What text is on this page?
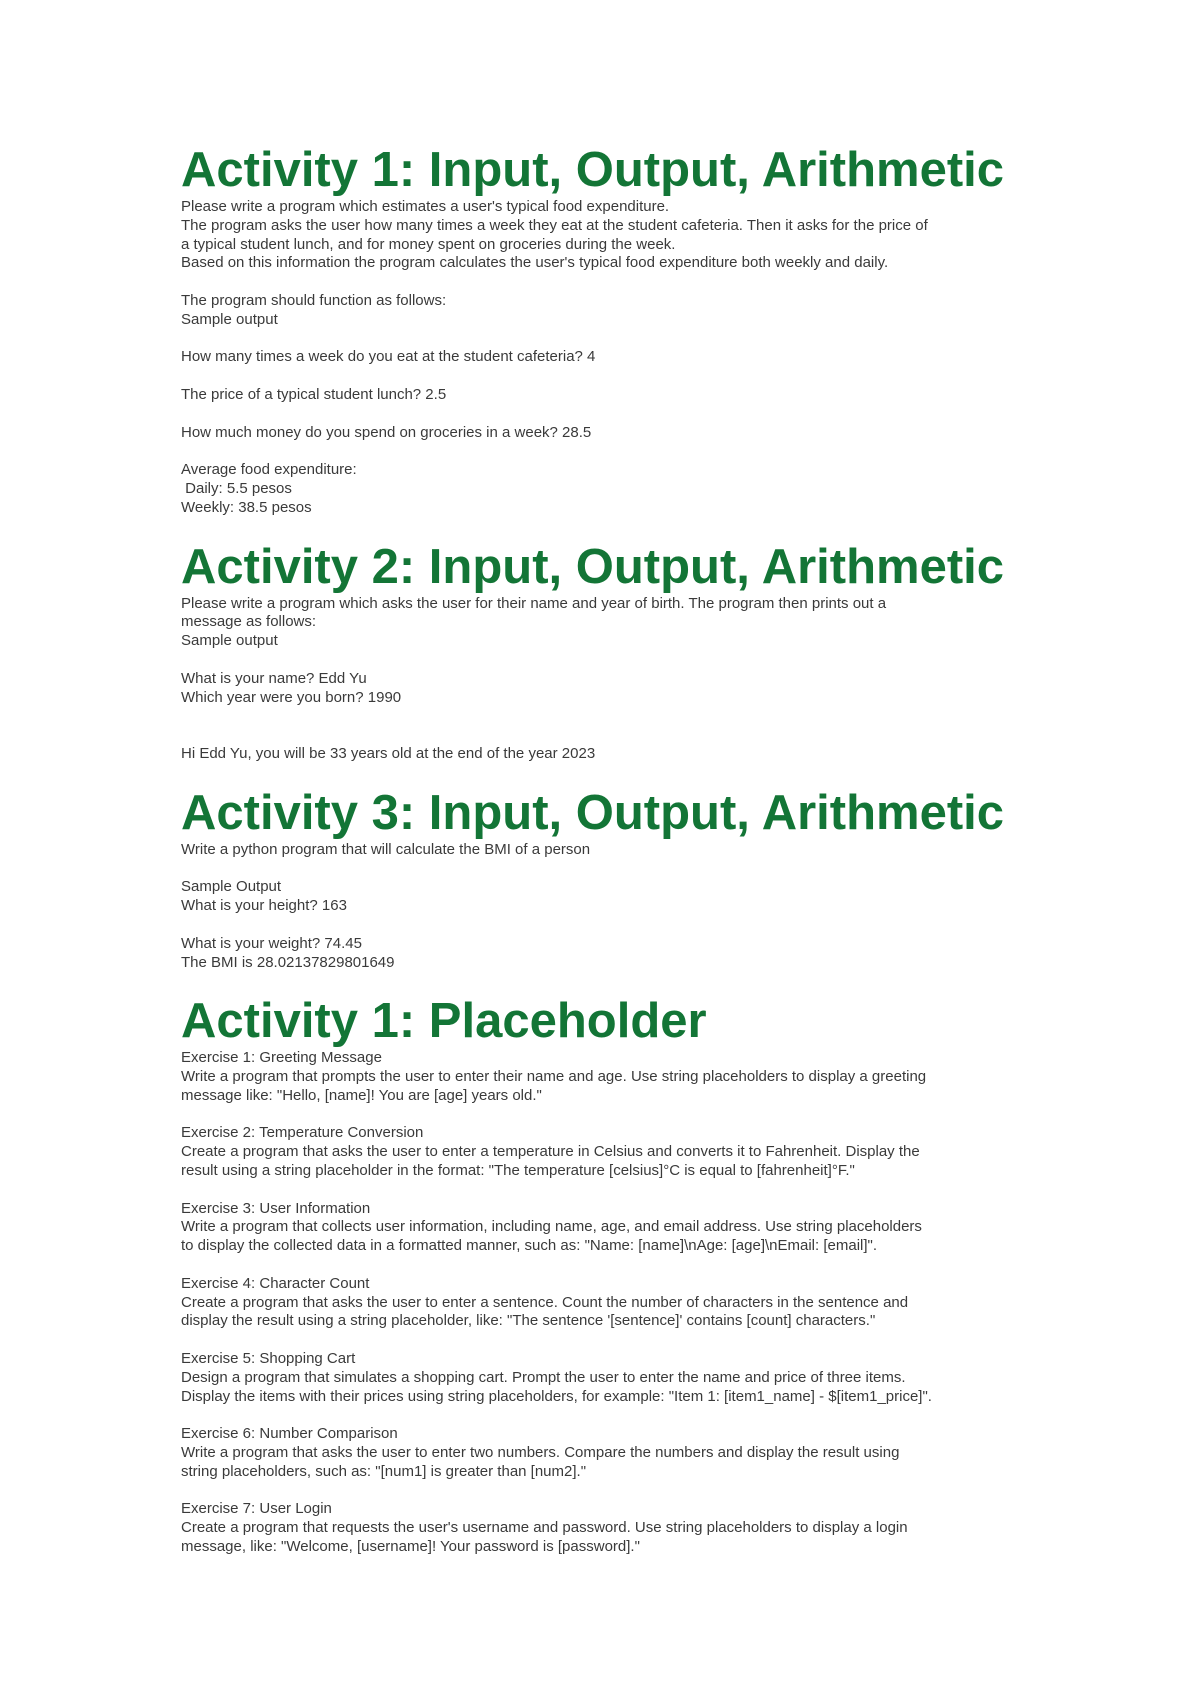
Activity 1: Input, Output, Arithmetic

Please write a program which estimates a user's typical food expenditure.

The program asks the user how many times a week they eat at the student cafeteria. Then it asks for the price of

a typical student lunch, and for money spent on groceries during the week.

Based on this information the program calculates the user's typical food expenditure both weekly and daily.

The program should function as follows:

Sample output

How many times a week do you eat at the student cafeteria? 4

The price of a typical student lunch? 2.5

How much money do you spend on groceries in a week? 28.5

Average food expenditure:

Daily: 5.5 pesos

Weekly: 38.5 pesos

Activity 2: Input, Output, Arithmetic

Please write a program which asks the user for their name and year of birth. The program then prints out a

message as follows:

Sample output

What is your name? Edd Yu

Which year were you born? 1990

Hi Edd Yu, you will be 33 years old at the end of the year 2023

Activity 3: Input, Output, Arithmetic

Write a python program that will calculate the BMI of a person

Sample Output

What is your height? 163

What is your weight? 74.45

The BMI is 28.02137829801649

Activity 1: Placeholder

Exercise 1: Greeting Message

Write a program that prompts the user to enter their name and age. Use string placeholders to display a greeting

message like: "Hello, [name]! You are [age] years old."

Exercise 2: Temperature Conversion

Create a program that asks the user to enter a temperature in Celsius and converts it to Fahrenheit. Display the

result using a string placeholder in the format: "The temperature [celsius]°C is equal to [fahrenheit]°F."

Exercise 3: User Information

Write a program that collects user information, including name, age, and email address. Use string placeholders

to display the collected data in a formatted manner, such as: "Name: [name]\nAge: [age]\nEmail: [email]".

Exercise 4: Character Count

Create a program that asks the user to enter a sentence. Count the number of characters in the sentence and

display the result using a string placeholder, like: "The sentence '[sentence]' contains [count] characters."

Exercise 5: Shopping Cart

Design a program that simulates a shopping cart. Prompt the user to enter the name and price of three items.

Display the items with their prices using string placeholders, for example: "Item 1: [item1_name] - $[item1_price]".

Exercise 6: Number Comparison

Write a program that asks the user to enter two numbers. Compare the numbers and display the result using

string placeholders, such as: "[num1] is greater than [num2]."

Exercise 7: User Login

Create a program that requests the user's username and password. Use string placeholders to display a login

message, like: "Welcome, [username]! Your password is [password]."
